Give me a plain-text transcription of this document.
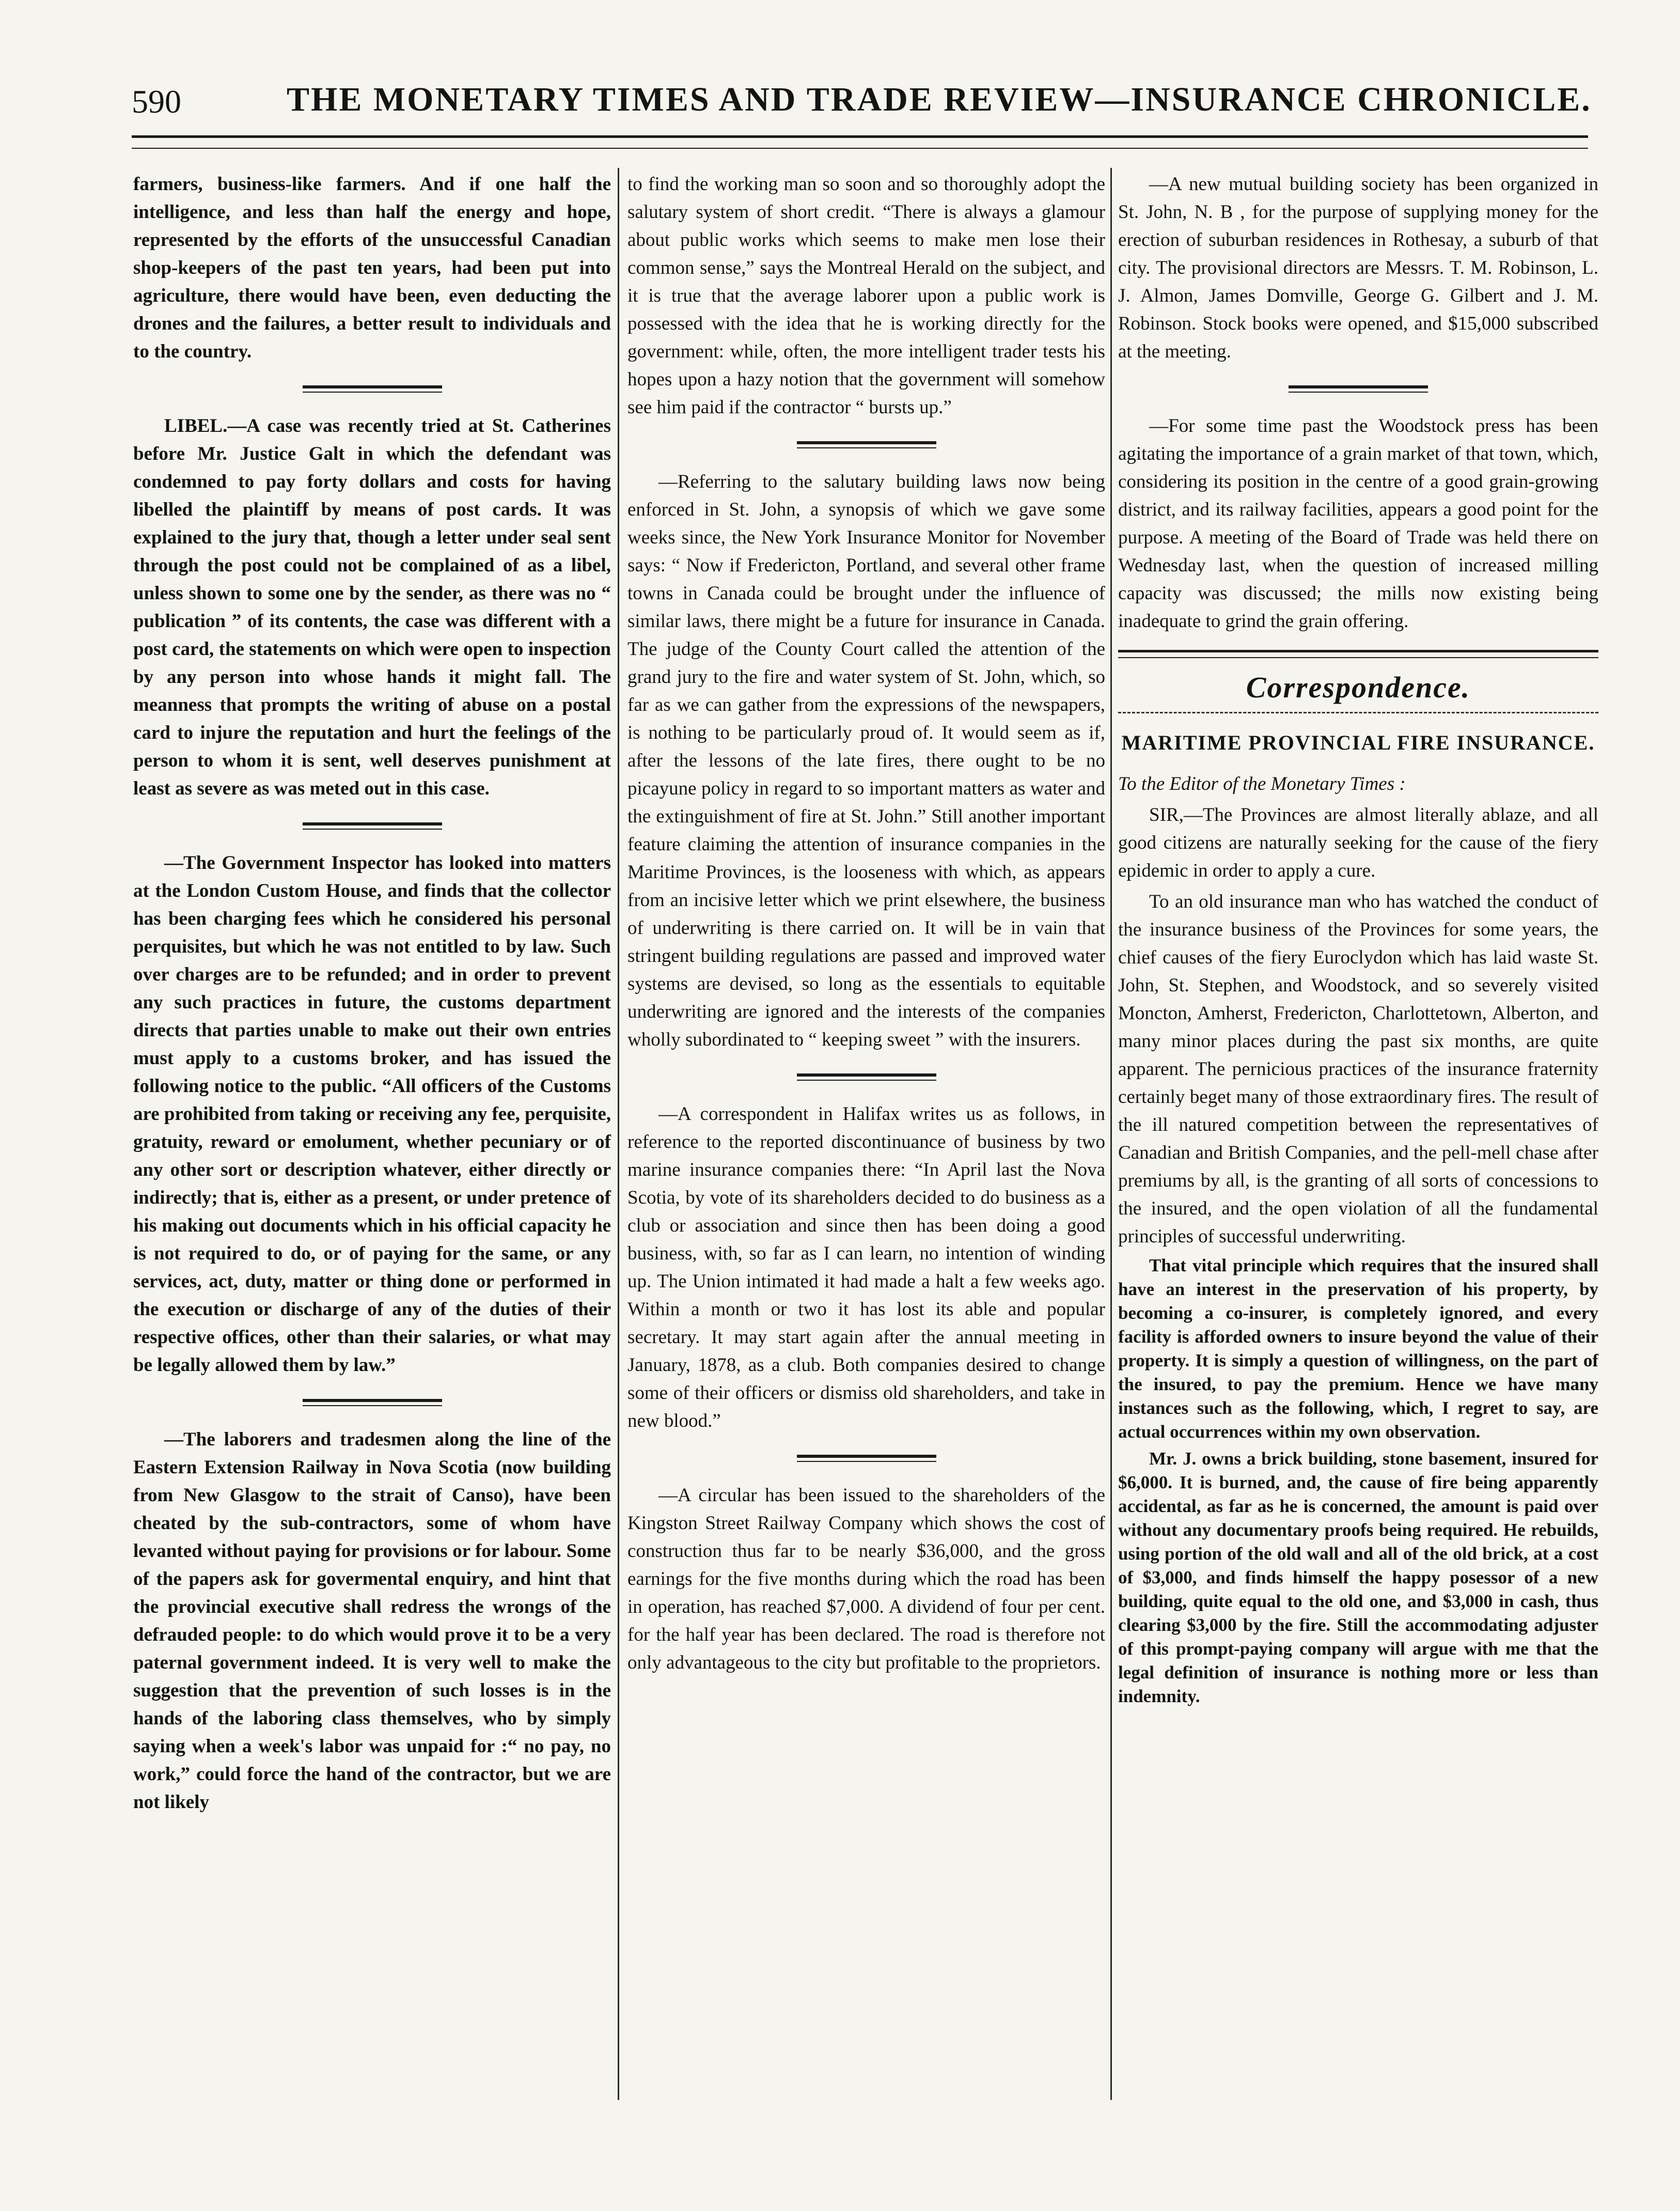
590	THE MONETARY TIMES AND TRADE REVIEW—INSURANCE CHRONICLE.

farmers, business-like farmers. And if one half the intelligence, and less than half the energy and hope, represented by the efforts of the unsuccessful Canadian shop-keepers of the past ten years, had been put into agriculture, there would have been, even deducting the drones and the failures, a better result to individuals and to the country.

LIBEL.—A case was recently tried at St. Catherines before Mr. Justice Galt in which the defendant was condemned to pay forty dollars and costs for having libelled the plaintiff by means of post cards. It was explained to the jury that, though a letter under seal sent through the post could not be complained of as a libel, unless shown to some one by the sender, as there was no “ publication ” of its contents, the case was different with a post card, the statements on which were open to inspection by any person into whose hands it might fall. The meanness that prompts the writing of abuse on a postal card to injure the reputation and hurt the feelings of the person to whom it is sent, well deserves punishment at least as severe as was meted out in this case.

—The Government Inspector has looked into matters at the London Custom House, and finds that the collector has been charging fees which he considered his personal perquisites, but which he was not entitled to by law. Such over charges are to be refunded; and in order to prevent any such practices in future, the customs department directs that parties unable to make out their own entries must apply to a customs broker, and has issued the following notice to the public. “All officers of the Customs are prohibited from taking or receiving any fee, perquisite, gratuity, reward or emolument, whether pecuniary or of any other sort or description whatever, either directly or indirectly; that is, either as a present, or under pretence of his making out documents which in his official capacity he is not required to do, or of paying for the same, or any services, act, duty, matter or thing done or performed in the execution or discharge of any of the duties of their respective offices, other than their salaries, or what may be legally allowed them by law.”

—The laborers and tradesmen along the line of the Eastern Extension Railway in Nova Scotia (now building from New Glasgow to the strait of Canso), have been cheated by the sub-contractors, some of whom have levanted without paying for provisions or for labour. Some of the papers ask for govermental enquiry, and hint that the provincial executive shall redress the wrongs of the defrauded people: to do which would prove it to be a very paternal government indeed. It is very well to make the suggestion that the prevention of such losses is in the hands of the laboring class themselves, who by simply saying when a week's labor was unpaid for :“ no pay, no work,” could force the hand of the contractor, but we are not likely

to find the working man so soon and so thoroughly adopt the salutary system of short credit. “There is always a glamour about public works which seems to make men lose their common sense,” says the Montreal Herald on the subject, and it is true that the average laborer upon a public work is possessed with the idea that he is working directly for the government: while, often, the more intelligent trader tests his hopes upon a hazy notion that the government will somehow see him paid if the contractor “ bursts up.”

—Referring to the salutary building laws now being enforced in St. John, a synopsis of which we gave some weeks since, the New York Insurance Monitor for November says: “ Now if Fredericton, Portland, and several other frame towns in Canada could be brought under the influence of similar laws, there might be a future for insurance in Canada. The judge of the County Court called the attention of the grand jury to the fire and water system of St. John, which, so far as we can gather from the expressions of the newspapers, is nothing to be particularly proud of. It would seem as if, after the lessons of the late fires, there ought to be no picayune policy in regard to so important matters as water and the extinguishment of fire at St. John.” Still another important feature claiming the attention of insurance companies in the Maritime Provinces, is the looseness with which, as appears from an incisive letter which we print elsewhere, the business of underwriting is there carried on. It will be in vain that stringent building regulations are passed and improved water systems are devised, so long as the essentials to equitable underwriting are ignored and the interests of the companies wholly subordinated to “ keeping sweet ” with the insurers.

—A correspondent in Halifax writes us as follows, in reference to the reported discontinuance of business by two marine insurance companies there: “In April last the Nova Scotia, by vote of its shareholders decided to do business as a club or association and since then has been doing a good business, with, so far as I can learn, no intention of winding up. The Union intimated it had made a halt a few weeks ago. Within a month or two it has lost its able and popular secretary. It may start again after the annual meeting in January, 1878, as a club. Both companies desired to change some of their officers or dismiss old shareholders, and take in new blood.”

—A circular has been issued to the shareholders of the Kingston Street Railway Company which shows the cost of construction thus far to be nearly $36,000, and the gross earnings for the five months during which the road has been in operation, has reached $7,000. A dividend of four per cent. for the half year has been declared. The road is therefore not only advantageous to the city but profitable to the proprietors.

—A new mutual building society has been organized in St. John, N. B , for the purpose of supplying money for the erection of suburban residences in Rothesay, a suburb of that city. The provisional directors are Messrs. T. M. Robinson, L. J. Almon, James Domville, George G. Gilbert and J. M. Robinson. Stock books were opened, and $15,000 subscribed at the meeting.

—For some time past the Woodstock press has been agitating the importance of a grain market of that town, which, considering its position in the centre of a good grain-growing district, and its railway facilities, appears a good point for the purpose. A meeting of the Board of Trade was held there on Wednesday last, when the question of increased milling capacity was discussed; the mills now existing being inadequate to grind the grain offering.

Correspondence.
MARITIME PROVINCIAL FIRE INSURANCE.

To the Editor of the Monetary Times :

SIR,—The Provinces are almost literally ablaze, and all good citizens are naturally seeking for the cause of the fiery epidemic in order to apply a cure.

To an old insurance man who has watched the conduct of the insurance business of the Provinces for some years, the chief causes of the fiery Euroclydon which has laid waste St. John, St. Stephen, and Woodstock, and so severely visited Moncton, Amherst, Fredericton, Charlottetown, Alberton, and many minor places during the past six months, are quite apparent. The pernicious practices of the insurance fraternity certainly beget many of those extraordinary fires. The result of the ill natured competition between the representatives of Canadian and British Companies, and the pell-mell chase after premiums by all, is the granting of all sorts of concessions to the insured, and the open violation of all the fundamental principles of successful underwriting.

That vital principle which requires that the insured shall have an interest in the preservation of his property, by becoming a co-insurer, is completely ignored, and every facility is afforded owners to insure beyond the value of their property. It is simply a question of willingness, on the part of the insured, to pay the premium. Hence we have many instances such as the following, which, I regret to say, are actual occurrences within my own observation.

Mr. J. owns a brick building, stone basement, insured for $6,000. It is burned, and, the cause of fire being apparently accidental, as far as he is concerned, the amount is paid over without any documentary proofs being required. He rebuilds, using portion of the old wall and all of the old brick, at a cost of $3,000, and finds himself the happy posessor of a new building, quite equal to the old one, and $3,000 in cash, thus clearing $3,000 by the fire. Still the accommodating adjuster of this prompt-paying company will argue with me that the legal definition of insurance is nothing more or less than indemnity.
